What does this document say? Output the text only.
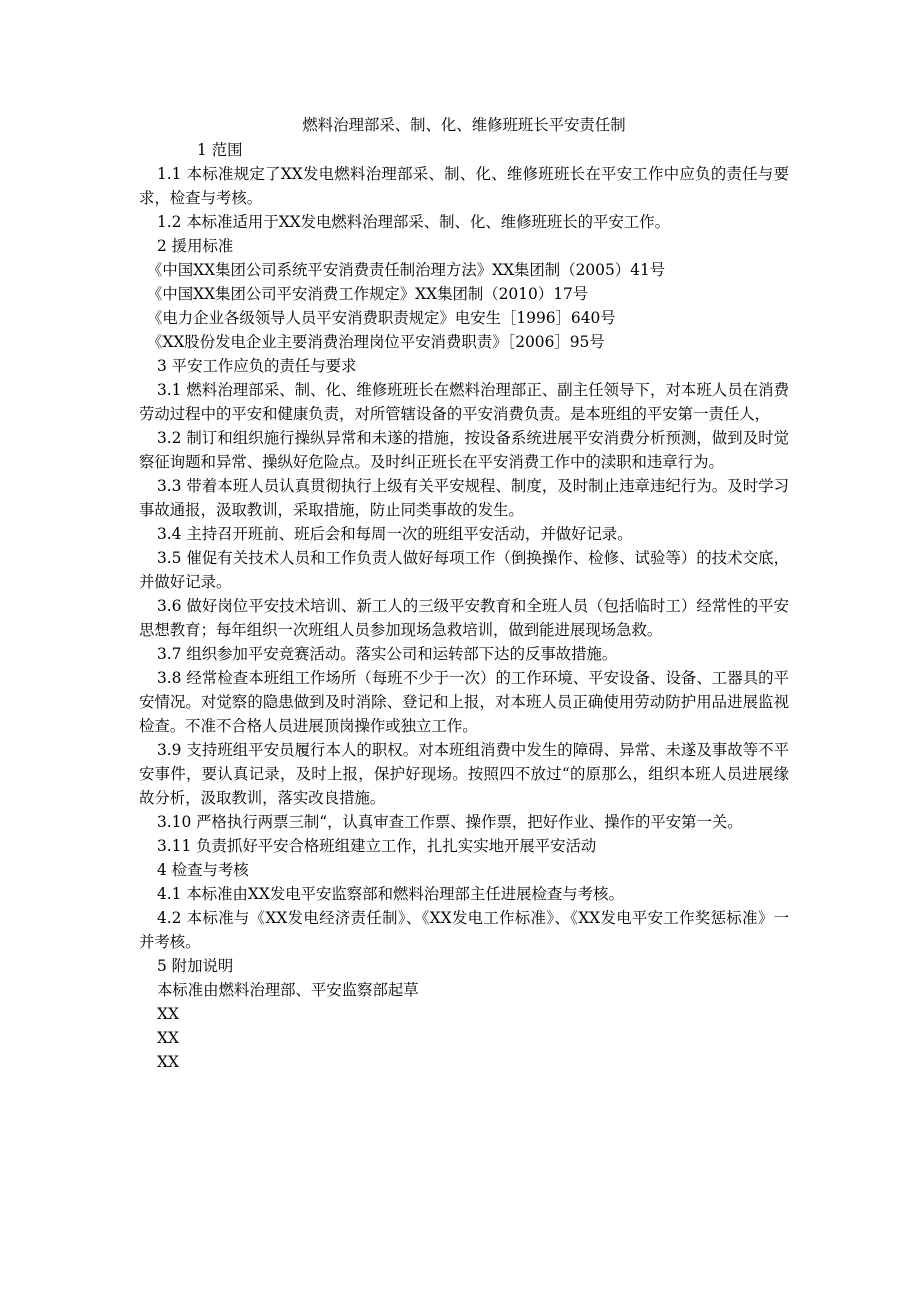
燃料治理部采、制、化、维修班班长平安责任制

1 范围

1.1 本标准规定了XX发电燃料治理部采、制、化、维修班班长在平安工作中应负的责任与要求，检查与考核。

1.2 本标准适用于XX发电燃料治理部采、制、化、维修班班长的平安工作。

2 援用标准

《中国XX集团公司系统平安消费责任制治理方法》XX集团制（2005）41号

《中国XX集团公司平安消费工作规定》XX集团制（2010）17号

《电力企业各级领导人员平安消费职责规定》电安生［1996］640号

《XX股份发电企业主要消费治理岗位平安消费职责》［2006］95号

3 平安工作应负的责任与要求

3.1 燃料治理部采、制、化、维修班班长在燃料治理部正、副主任领导下，对本班人员在消费劳动过程中的平安和健康负责，对所管辖设备的平安消费负责。是本班组的平安第一责任人，

3.2 制订和组织施行操纵异常和未遂的措施，按设备系统进展平安消费分析预测，做到及时觉察征询题和异常、操纵好危险点。及时纠正班长在平安消费工作中的渎职和违章行为。

3.3 带着本班人员认真贯彻执行上级有关平安规程、制度，及时制止违章违纪行为。及时学习事故通报，汲取教训，采取措施，防止同类事故的发生。

3.4 主持召开班前、班后会和每周一次的班组平安活动，并做好记录。

3.5 催促有关技术人员和工作负责人做好每项工作（倒换操作、检修、试验等）的技术交底，并做好记录。

3.6 做好岗位平安技术培训、新工人的三级平安教育和全班人员（包括临时工）经常性的平安思想教育；每年组织一次班组人员参加现场急救培训，做到能进展现场急救。

3.7 组织参加平安竞赛活动。落实公司和运转部下达的反事故措施。

3.8 经常检查本班组工作场所（每班不少于一次）的工作环境、平安设备、设备、工器具的平安情况。对觉察的隐患做到及时消除、登记和上报，对本班人员正确使用劳动防护用品进展监视检查。不准不合格人员进展顶岗操作或独立工作。

3.9 支持班组平安员履行本人的职权。对本班组消费中发生的障碍、异常、未遂及事故等不平安事件，要认真记录，及时上报，保护好现场。按照四不放过“的原那么，组织本班人员进展缘故分析，汲取教训，落实改良措施。

3.10 严格执行两票三制“，认真审查工作票、操作票，把好作业、操作的平安第一关。

3.11 负责抓好平安合格班组建立工作，扎扎实实地开展平安活动

4 检查与考核

4.1 本标准由XX发电平安监察部和燃料治理部主任进展检查与考核。

4.2 本标准与《XX发电经济责任制》、《XX发电工作标准》、《XX发电平安工作奖惩标准》一并考核。

5 附加说明

本标准由燃料治理部、平安监察部起草

XX

XX

XX
